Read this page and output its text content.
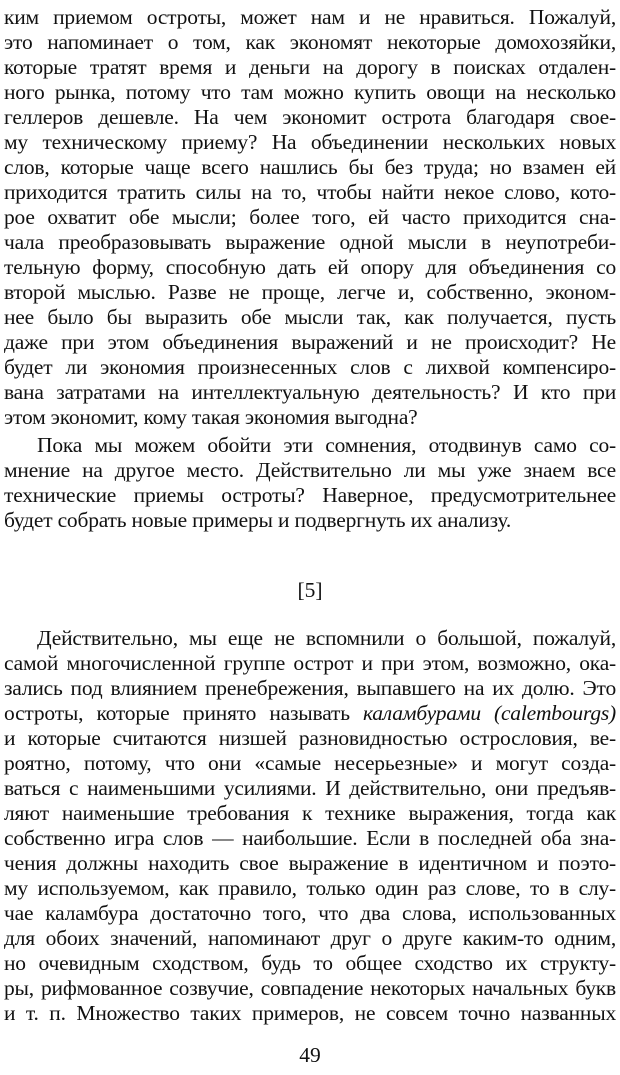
ким приемом остроты, может нам и не нравиться. Пожалуй,
это напоминает о том, как экономят некоторые домохозяйки,
которые тратят время и деньги на дорогу в поисках отдален-
ного рынка, потому что там можно купить овощи на несколько
геллеров дешевле. На чем экономит острота благодаря свое-
му техническому приему? На объединении нескольких новых
слов, которые чаще всего нашлись бы без труда; но взамен ей
приходится тратить силы на то, чтобы найти некое слово, кото-
рое охватит обе мысли; более того, ей часто приходится сна-
чала преобразовывать выражение одной мысли в неупотреби-
тельную форму, способную дать ей опору для объединения со
второй мыслью. Разве не проще, легче и, собственно, эконом-
нее было бы выразить обе мысли так, как получается, пусть
даже при этом объединения выражений и не происходит? Не
будет ли экономия произнесенных слов с лихвой компенсиро-
вана затратами на интеллектуальную деятельность? И кто при
этом экономит, кому такая экономия выгодна?
Пока мы можем обойти эти сомнения, отодвинув само со-
мнение на другое место. Действительно ли мы уже знаем все
технические приемы остроты? Наверное, предусмотрительнее
будет собрать новые примеры и подвергнуть их анализу.
[5]
Действительно, мы еще не вспомнили о большой, пожалуй,
самой многочисленной группе острот и при этом, возможно, ока-
зались под влиянием пренебрежения, выпавшего на их долю. Это
остроты, которые принято называть каламбурами (calembourgs)
и которые считаются низшей разновидностью острословия, ве-
роятно, потому, что они «самые несерьезные» и могут созда-
ваться с наименьшими усилиями. И действительно, они предъяв-
ляют наименьшие требования к технике выражения, тогда как
собственно игра слов — наибольшие. Если в последней оба зна-
чения должны находить свое выражение в идентичном и поэто-
му используемом, как правило, только один раз слове, то в слу-
чае каламбура достаточно того, что два слова, использованных
для обоих значений, напоминают друг о друге каким-то одним,
но очевидным сходством, будь то общее сходство их структу-
ры, рифмованное созвучие, совпадение некоторых начальных букв
и т. п. Множество таких примеров, не совсем точно названных
49
